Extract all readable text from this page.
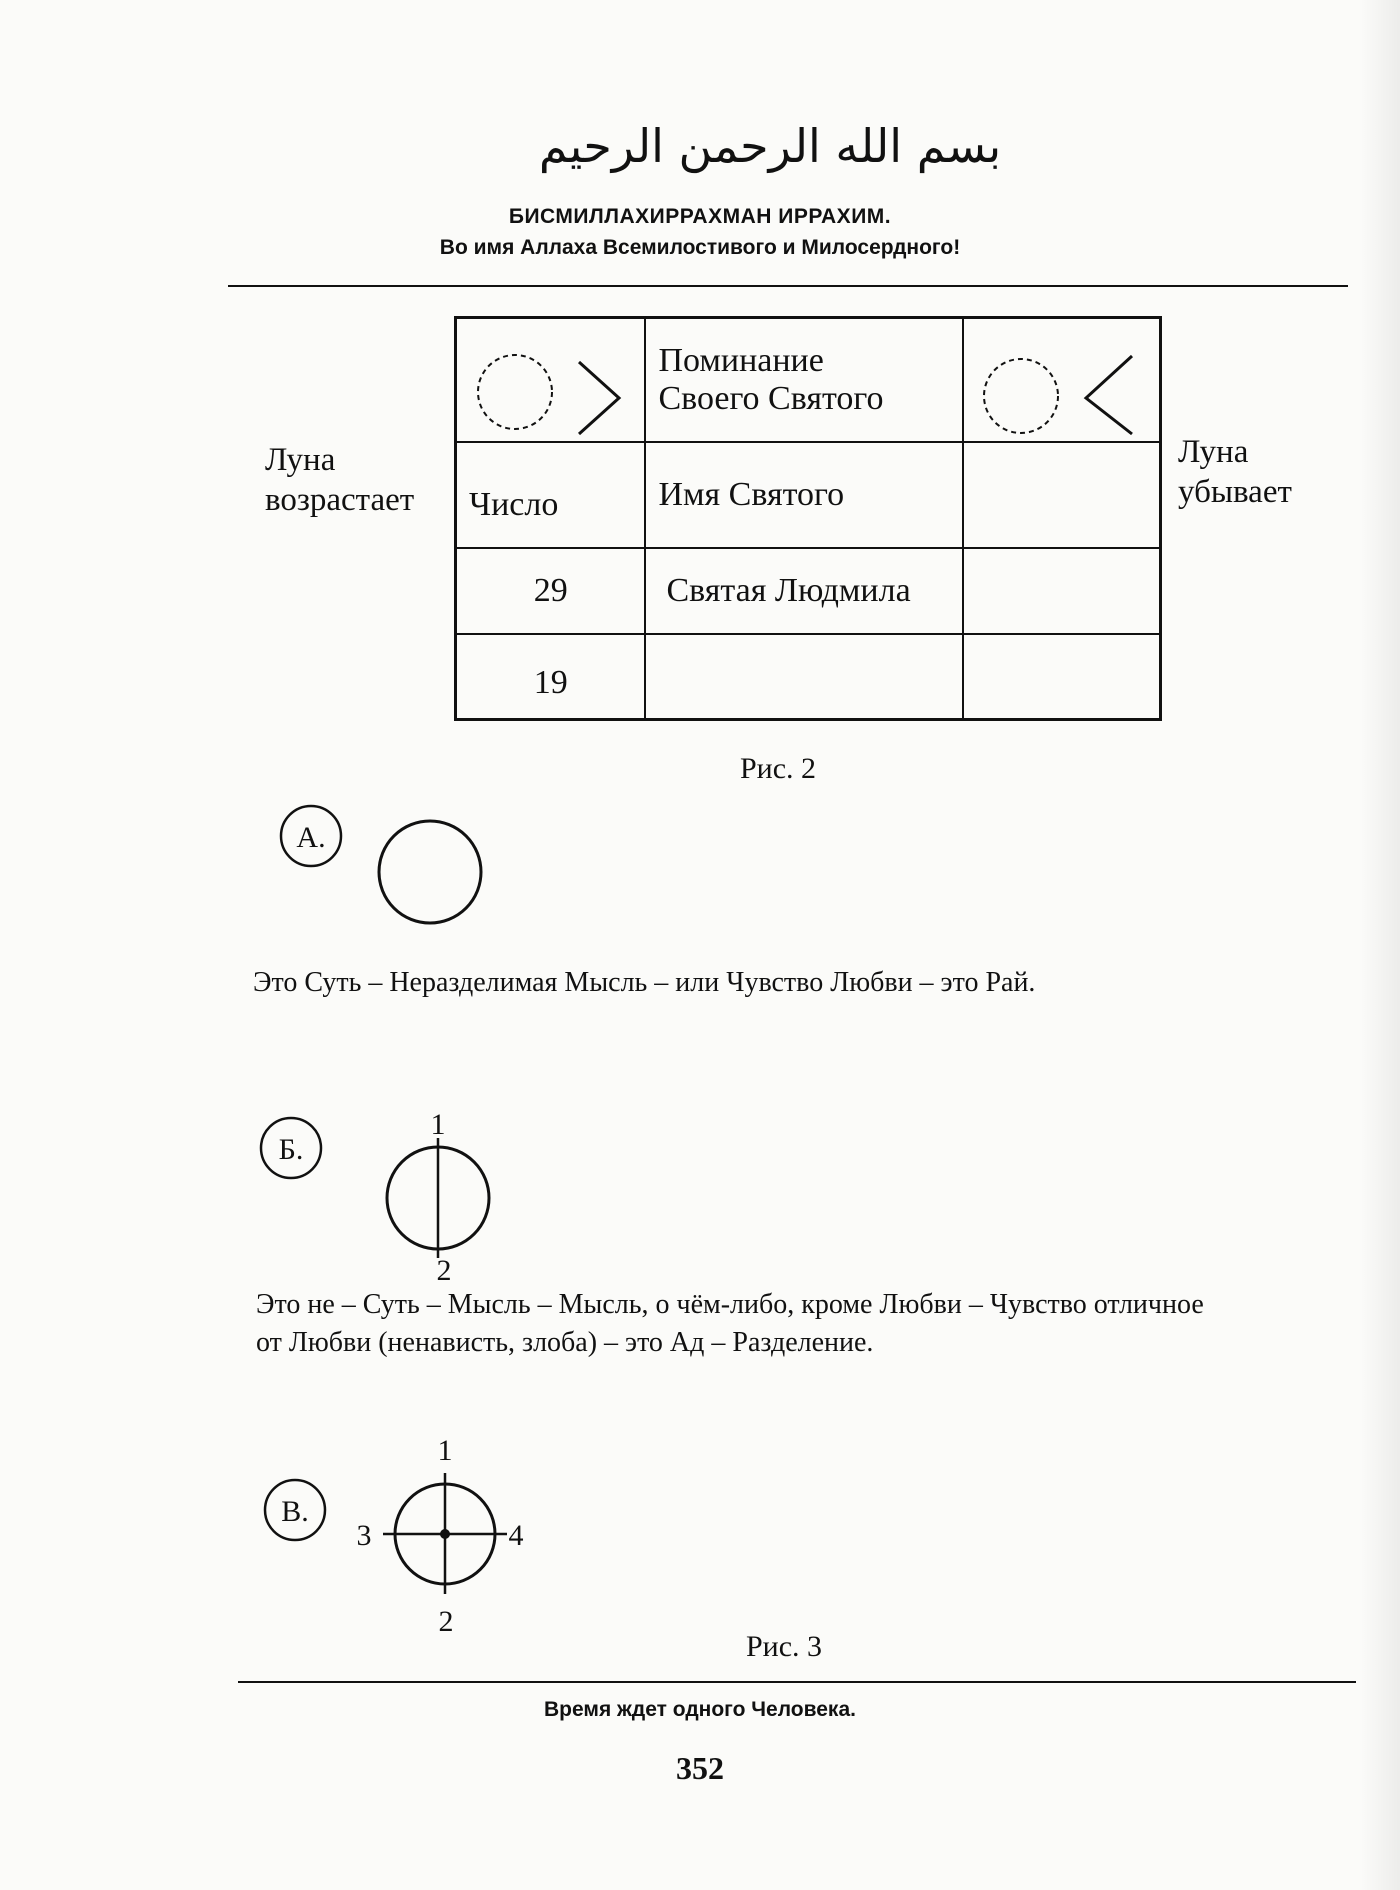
بسم الله الرحمن الرحيم
БИСМИЛЛАХИРРАХМАН ИРРАХИМ.
Во имя Аллаха Всемилостивого и Милосердного!
Луна
возрастает
Луна
убывает

Поминание
Своего Святого

Число	Имя Святого	
29	Святая Людмила	
19		
Рис. 2
А.
Это Суть – Неразделимая Мысль – или Чувство Любви – это Рай.
Б.
1
2
Это не – Суть – Мысль – Мысль, о чём-либо, кроме Любви – Чувство отличное
от Любви (ненависть, злоба) – это Ад – Разделение.
В.
1
3	4
2
Рис. 3
Время ждет одного Человека.
352
